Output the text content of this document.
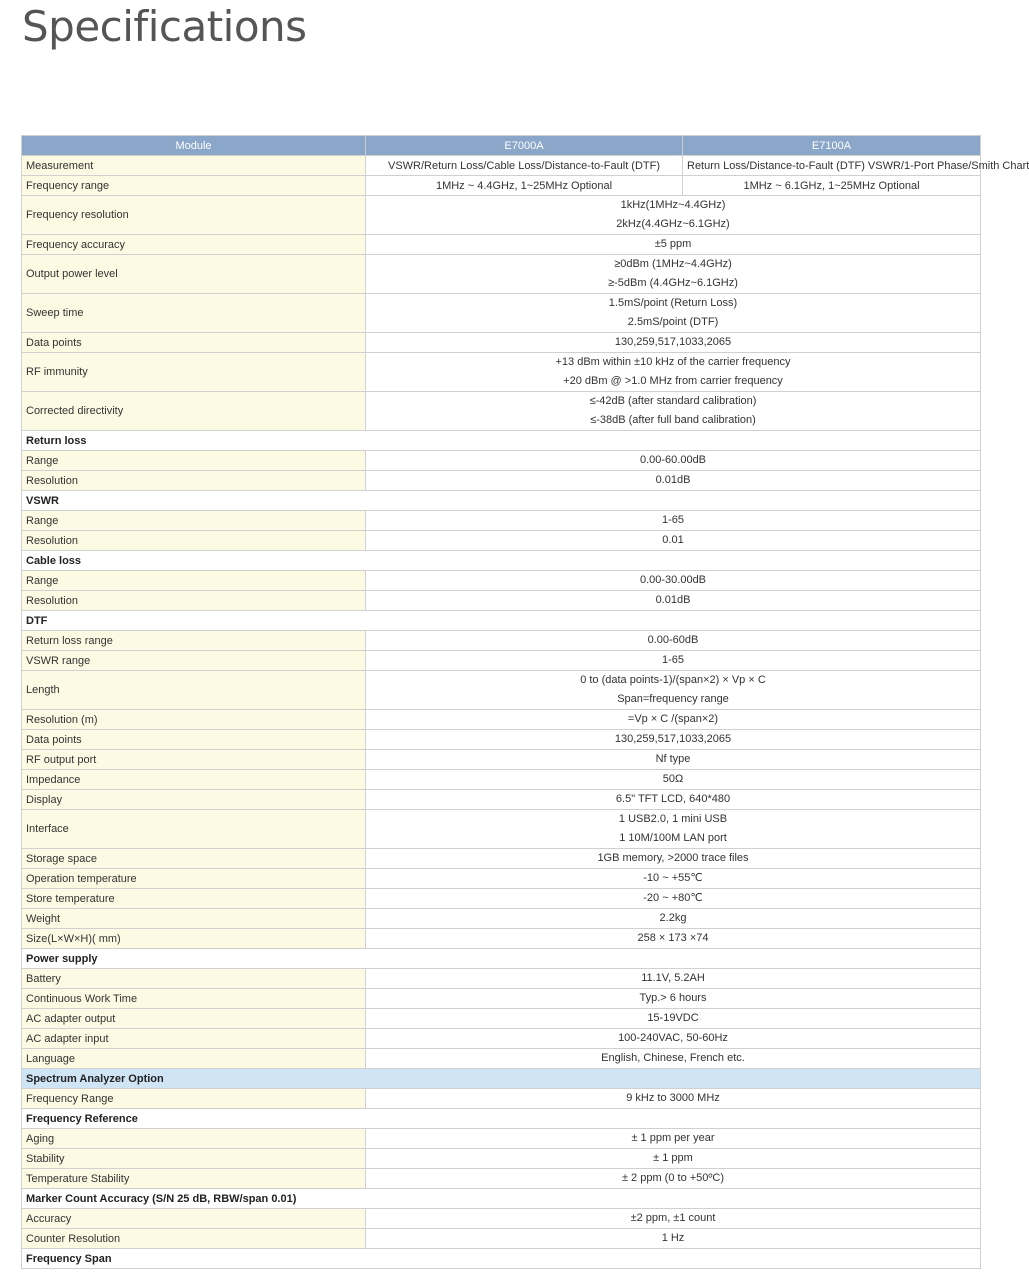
Specifications
Module	E7000A	E7100A
Measurement	VSWR/Return Loss/Cable Loss/Distance-to-Fault (DTF)	Return Loss/Distance-to-Fault (DTF) VSWR/1-Port Phase/Smith Chart
Frequency range	1MHz ~ 4.4GHz, 1~25MHz Optional	1MHz ~ 6.1GHz, 1~25MHz Optional
Frequency resolution	1kHz(1MHz~4.4GHz)
2kHz(4.4GHz~6.1GHz)	

Frequency accuracy	±5 ppm	

Output power level	≥0dBm (1MHz~4.4GHz)
≥-5dBm (4.4GHz~6.1GHz)	

Sweep time	1.5mS/point (Return Loss)
2.5mS/point (DTF)	

Data points	130,259,517,1033,2065	

RF immunity	+13 dBm within ±10 kHz of the carrier frequency
+20 dBm @ >1.0 MHz from carrier frequency	

Corrected directivity	≤-42dB (after standard calibration)
≤-38dB (after full band calibration)	

Return loss		
Range	0.00-60.00dB	

Resolution	0.01dB	

VSWR		
Range	1-65	

Resolution	0.01	

Cable loss		
Range	0.00-30.00dB	

Resolution	0.01dB	

DTF		
Return loss range	0.00-60dB	

VSWR range	1-65	

Length	0 to (data points-1)/(span×2) × Vp × C
Span=frequency range	

Resolution (m)	=Vp × C /(span×2)	

Data points	130,259,517,1033,2065	

RF output port	Nf type	

Impedance	50Ω	

Display	6.5" TFT LCD, 640*480	

Interface	1 USB2.0, 1 mini USB
1 10M/100M LAN port	

Storage space	1GB memory, >2000 trace files	

Operation temperature	-10 ~ +55℃	

Store temperature	-20 ~ +80℃	

Weight	2.2kg	

Size(L×W×H)( mm)	258 × 173 ×74	

Power supply		
Battery	11.1V, 5.2AH	

Continuous Work Time	Typ.> 6 hours	

AC adapter output	15-19VDC	

AC adapter input	100-240VAC, 50-60Hz	

Language	English, Chinese, French etc.	

Spectrum Analyzer Option		
Frequency Range	9 kHz to 3000 MHz	

Frequency Reference		
Aging	± 1 ppm per year	

Stability	± 1 ppm	

Temperature Stability	± 2 ppm (0 to +50ºC)	

Marker Count Accuracy (S/N 25 dB, RBW/span 0.01)		
Accuracy	±2 ppm, ±1 count	

Counter Resolution	1 Hz	

Frequency Span		
